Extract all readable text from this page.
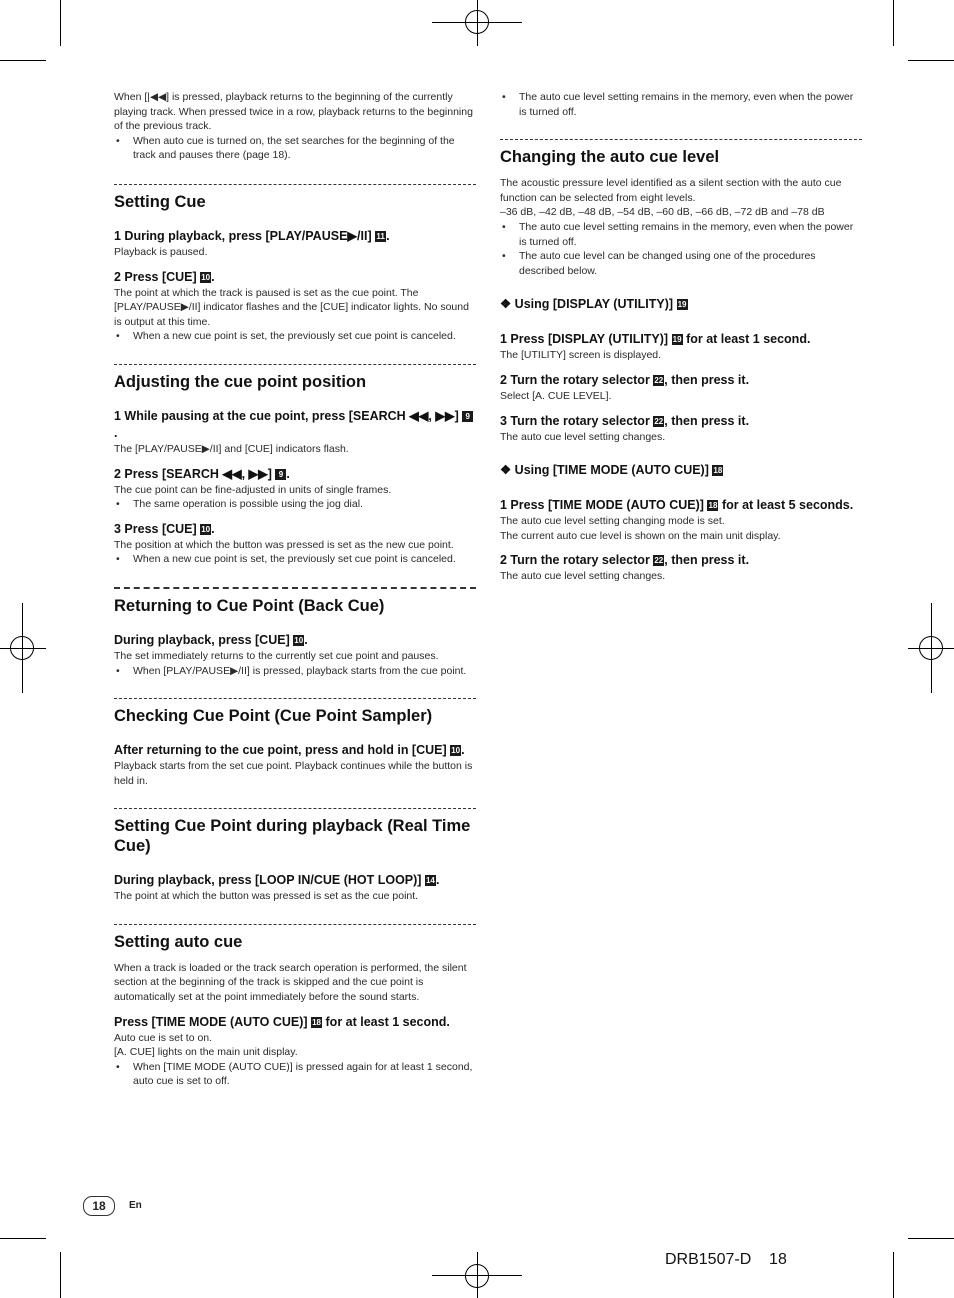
When [|◀◀] is pressed, playback returns to the beginning of the currently playing track. When pressed twice in a row, playback returns to the beginning of the previous track.

• When auto cue is turned on, the set searches for the beginning of the track and pauses there (page 18).

Setting Cue

1 During playback, press [PLAY/PAUSE▶/II] 11.

Playback is paused.

2 Press [CUE] 10.

The point at which the track is paused is set as the cue point. The [PLAY/PAUSE▶/II] indicator flashes and the [CUE] indicator lights. No sound is output at this time.

• When a new cue point is set, the previously set cue point is canceled.

Adjusting the cue point position

1 While pausing at the cue point, press [SEARCH ◀◀, ▶▶] 9.

The [PLAY/PAUSE▶/II] and [CUE] indicators flash.

2 Press [SEARCH ◀◀, ▶▶] 9 .

The cue point can be fine-adjusted in units of single frames.

• The same operation is possible using the jog dial.

3 Press [CUE] 10.

The position at which the button was pressed is set as the new cue point.

• When a new cue point is set, the previously set cue point is canceled.

Returning to Cue Point (Back Cue)

During playback, press [CUE] 10.

The set immediately returns to the currently set cue point and pauses.

• When [PLAY/PAUSE▶/II] is pressed, playback starts from the cue point.

Checking Cue Point (Cue Point Sampler)

After returning to the cue point, press and hold in [CUE] 10.

Playback starts from the set cue point. Playback continues while the button is held in.

Setting Cue Point during playback (Real Time Cue)

During playback, press [LOOP IN/CUE (HOT LOOP)] 14.

The point at which the button was pressed is set as the cue point.

Setting auto cue

When a track is loaded or the track search operation is performed, the silent section at the beginning of the track is skipped and the cue point is automatically set at the point immediately before the sound starts.

Press [TIME MODE (AUTO CUE)] 18 for at least 1 second.

Auto cue is set to on.

[A. CUE] lights on the main unit display.

• When [TIME MODE (AUTO CUE)] is pressed again for at least 1 second, auto cue is set to off.

• The auto cue level setting remains in the memory, even when the power is turned off.

Changing the auto cue level

The acoustic pressure level identified as a silent section with the auto cue function can be selected from eight levels.

–36 dB, –42 dB, –48 dB, –54 dB, –60 dB, –66 dB, –72 dB and –78 dB

• The auto cue level setting remains in the memory, even when the power is turned off.

• The auto cue level can be changed using one of the procedures described below.

❖ Using [DISPLAY (UTILITY)] 19

1 Press [DISPLAY (UTILITY)] 19 for at least 1 second.

The [UTILITY] screen is displayed.

2 Turn the rotary selector 22, then press it.

Select [A. CUE LEVEL].

3 Turn the rotary selector 22, then press it.

The auto cue level setting changes.

❖ Using [TIME MODE (AUTO CUE)] 18

1 Press [TIME MODE (AUTO CUE)] 18 for at least 5 seconds.

The auto cue level setting changing mode is set.

The current auto cue level is shown on the main unit display.

2 Turn the rotary selector 22, then press it.

The auto cue level setting changes.

18	En
DRB1507-D 18
